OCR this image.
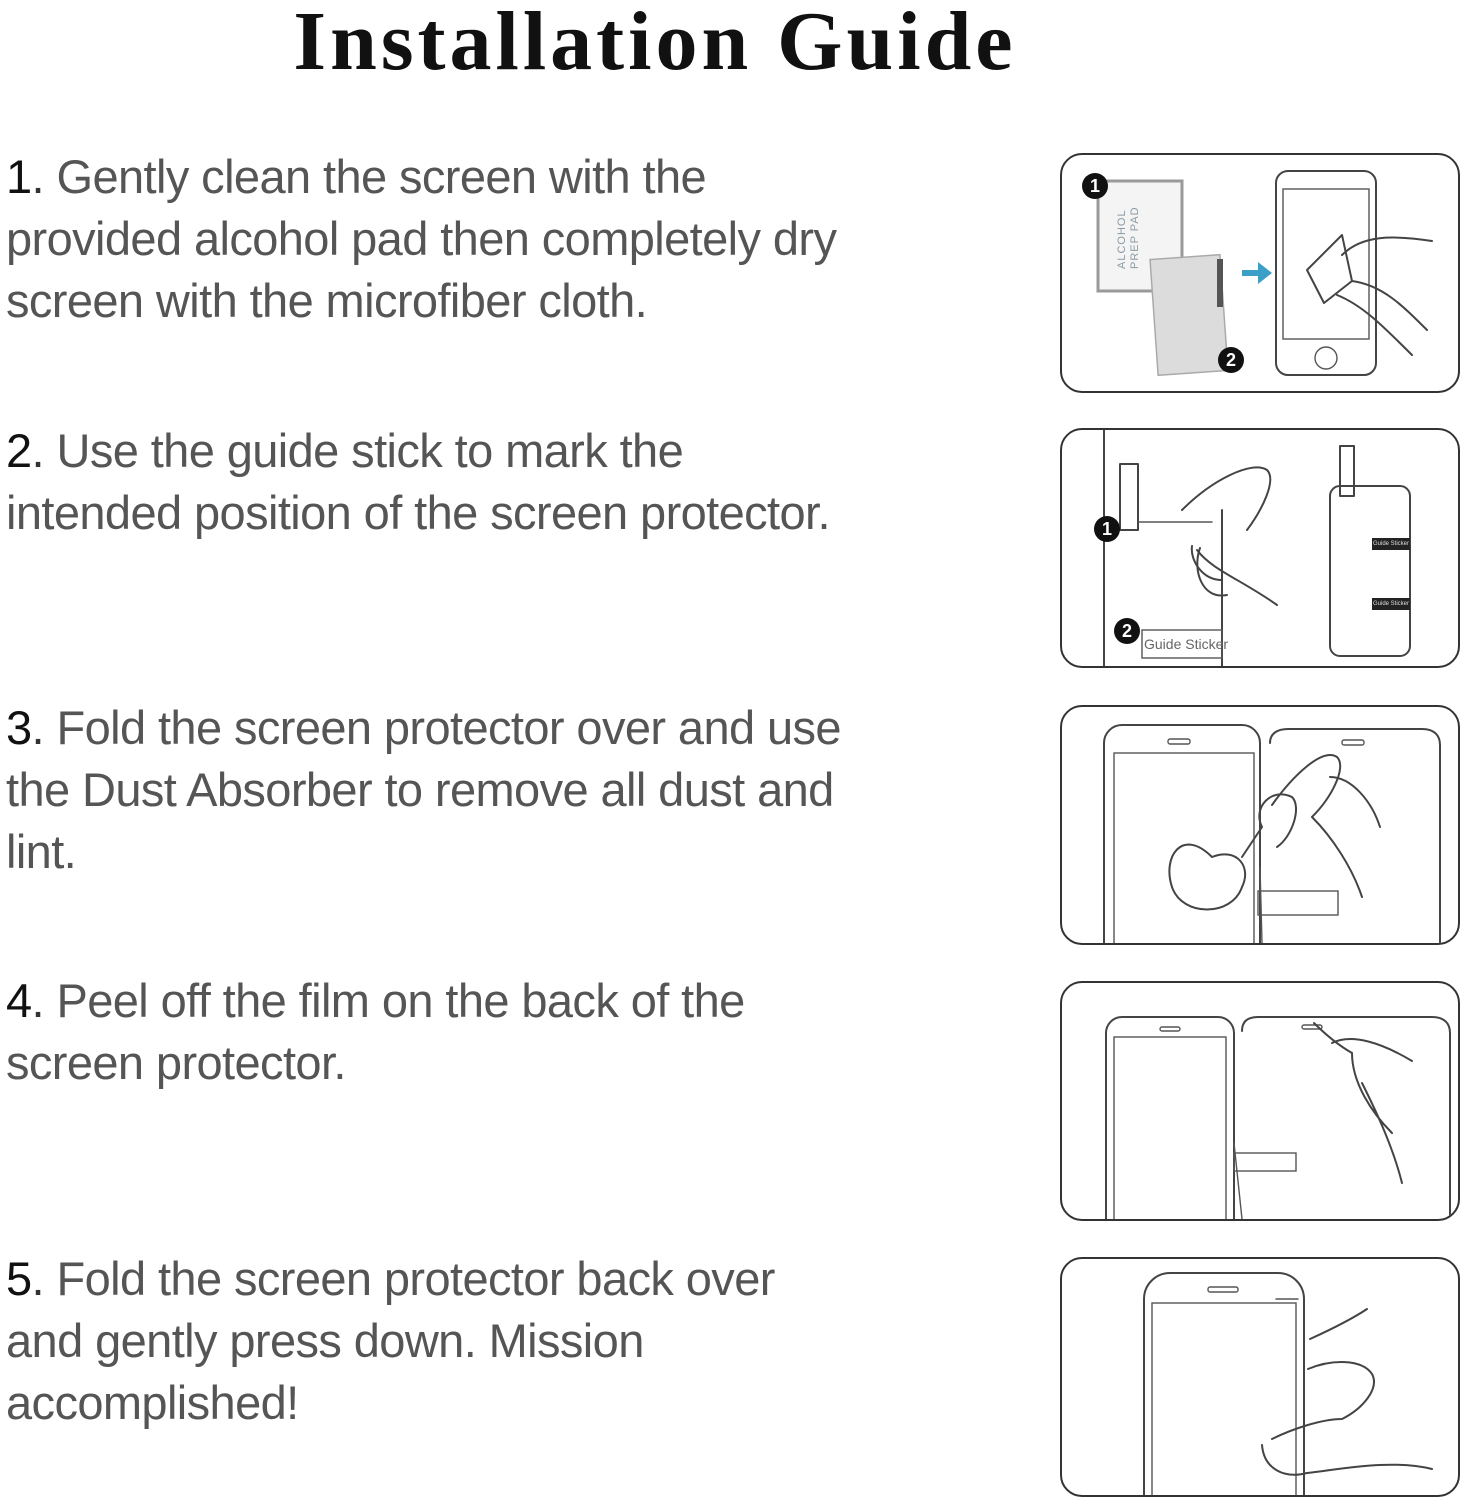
Installation Guide
1. Gently clean the screen with the
provided alcohol pad then completely dry
screen with the microfiber cloth.
2. Use the guide stick to mark the
intended position of the screen protector.
3. Fold the screen protector over and use
the Dust Absorber to remove all dust and
lint.
4. Peel off the film on the back of the
screen protector.
5. Fold the screen protector back over
and gently press down. Mission
accomplished!
ALCOHOL
PREP PAD
1
2
Guide Sticker
Guide Sticker
Guide Sticker
1
2
